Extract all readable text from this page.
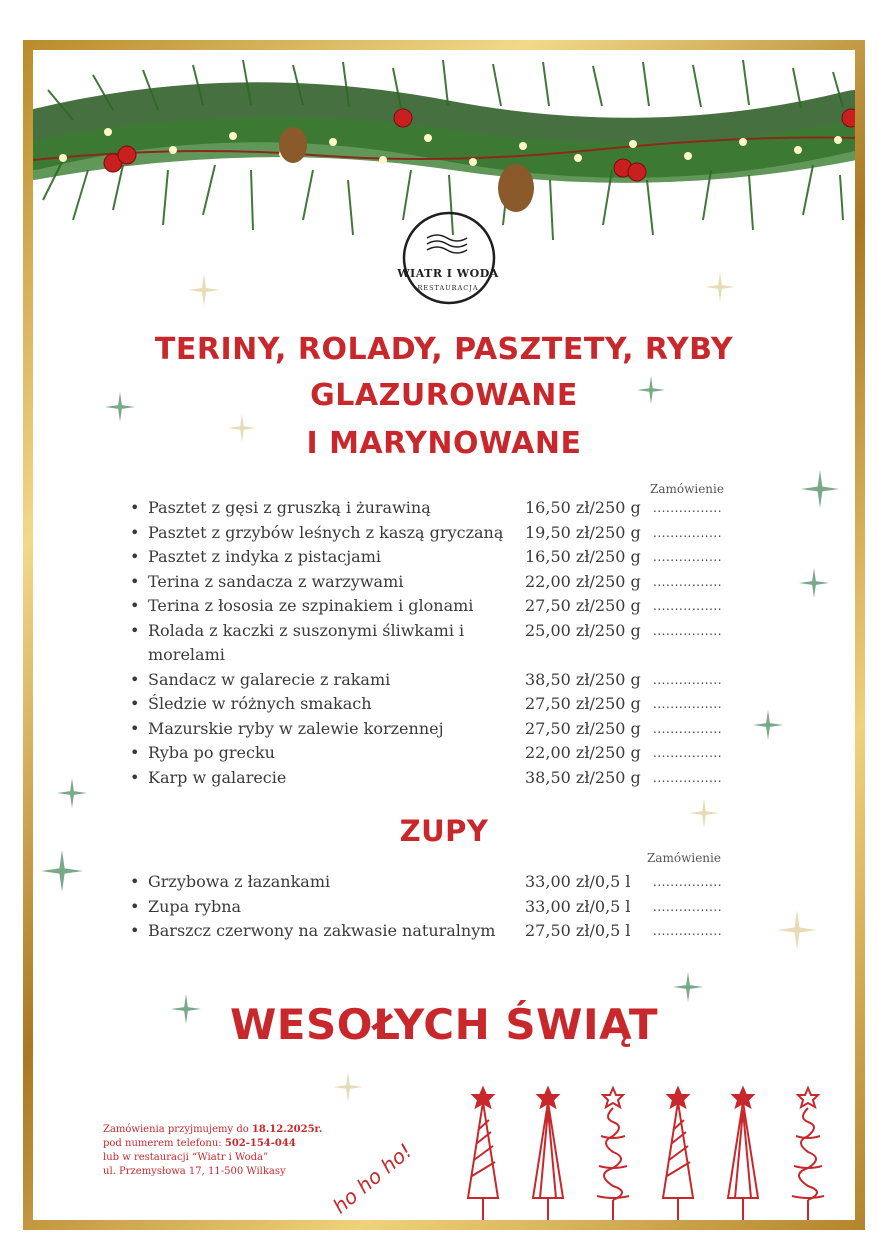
WIATR I WODA
RESTAURACJA
TERINY, ROLADY, PASZTETY, RYBY
GLAZUROWANE
I MARYNOWANE
Zamówienie
• Pasztet z gęsi z gruszką i żurawiną	16,50 zł/250 g ................
• Pasztet z grzybów leśnych z kaszą gryczaną 19,50 zł/250 g ................
• Pasztet z indyka z pistacjami	16,50 zł/250 g ................
• Terina z sandacza z warzywami	22,00 zł/250 g ................
• Terina z łososia ze szpinakiem i glonami	27,50 zł/250 g ................
• Rolada z kaczki z suszonymi śliwkami i morelami
25,00 zł/250 g ................
• Sandacz w galarecie z rakami	38,50 zł/250 g ................
• Śledzie w różnych smakach	27,50 zł/250 g ................
• Mazurskie ryby w zalewie korzennej	27,50 zł/250 g ................
• Ryba po grecku	22,00 zł/250 g ................
• Karp w galarecie	38,50 zł/250 g ................
ZUPY
Zamówienie
• Grzybowa z łazankami	33,00 zł/0,5 l ................
• Zupa rybna	33,00 zł/0,5 l ................
• Barszcz czerwony na zakwasie naturalnym 27,50 zł/0,5 l ................
WESOŁYCH ŚWIĄT
Zamówienia przyjmujemy do 18.12.2025r.
pod numerem telefonu: 502-154-044
lub w restauracji “Wiatr i Woda”
ul. Przemysłowa 17, 11-500 Wilkasy	ho ho ho!
